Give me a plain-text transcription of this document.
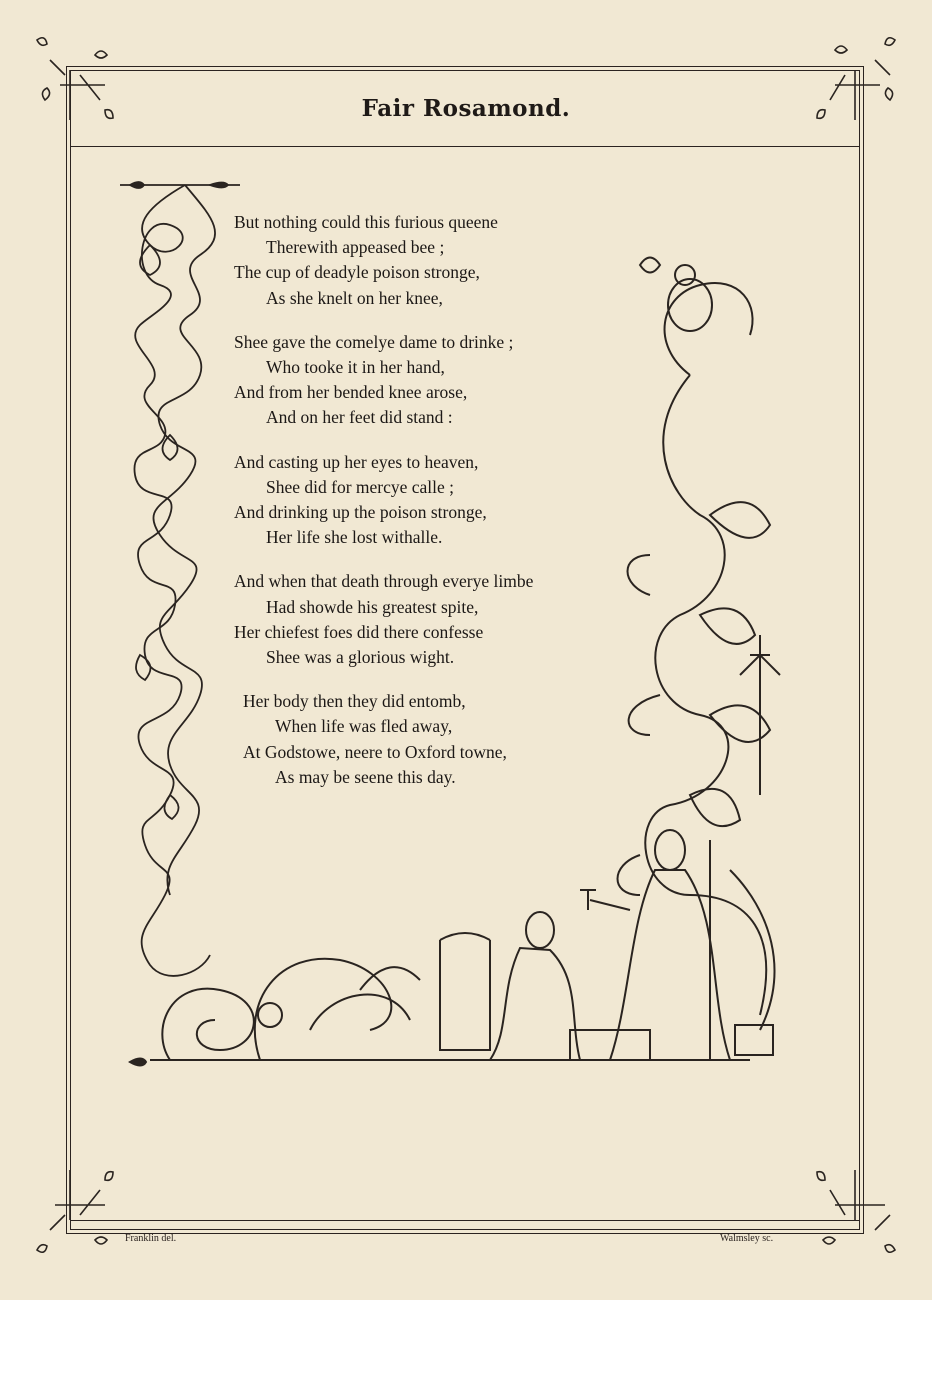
Fair Rosamond.
But nothing could this furious queene
Therewith appeased bee ;
The cup of deadyle poison stronge,
As she knelt on her knee,
Shee gave the comelye dame to drinke ;
Who tooke it in her hand,
And from her bended knee arose,
And on her feet did stand :
And casting up her eyes to heaven,
Shee did for mercye calle ;
And drinking up the poison stronge,
Her life she lost withalle.
And when that death through everye limbe
Had showde his greatest spite,
Her chiefest foes did there confesse
Shee was a glorious wight.
Her body then they did entomb,
When life was fled away,
At Godstowe, neere to Oxford towne,
As may be seene this day.
Franklin del.	Walmsley sc.
